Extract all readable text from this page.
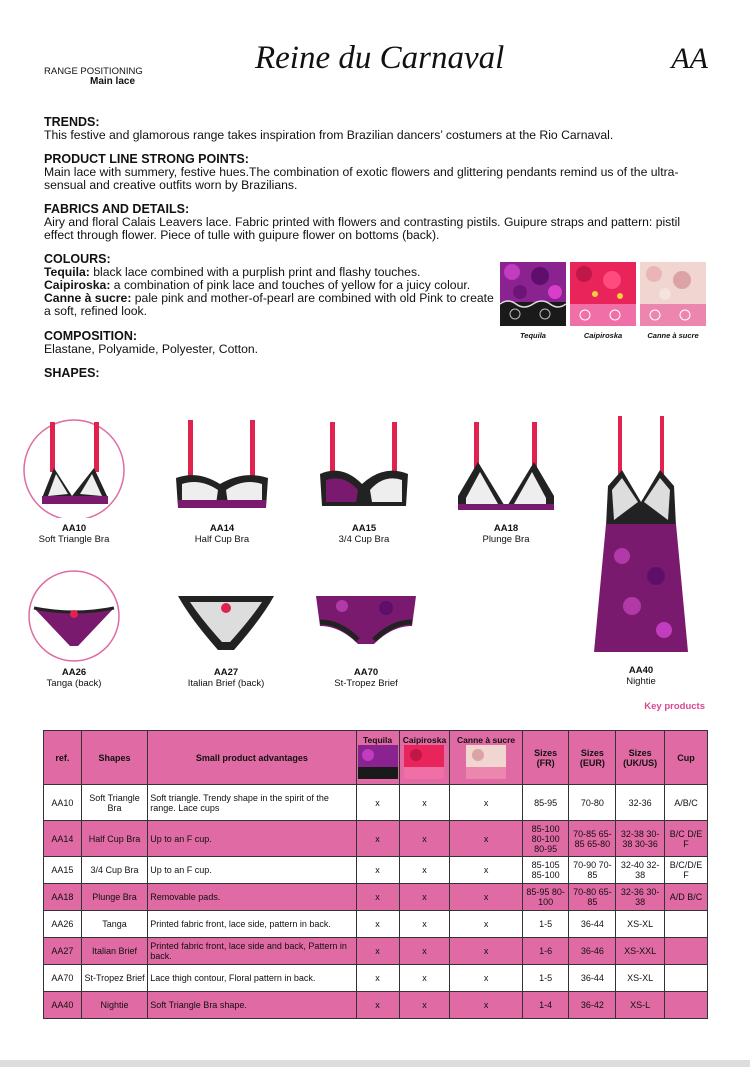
RANGE POSITIONING
Main lace
Reine du Carnaval	AA
TRENDS:

This festive and glamorous range takes inspiration from Brazilian dancers’ costumers at the Rio Carnaval.

PRODUCT LINE STRONG POINTS:

Main lace with summery, festive hues.The combination of exotic flowers and glittering pendants remind us of the ultra-sensual and creative outfits worn by Brazilians.

FABRICS AND DETAILS:

Airy and floral Calais Leavers lace. Fabric printed with flowers and contrasting pistils. Guipure straps and pattern: pistil effect through flower. Piece of tulle with guipure flower on bottoms (back).

COLOURS:

Tequila: black lace combined with a purplish print and flashy touches.

Caipiroska: a combination of pink lace and touches of yellow for a juicy colour.

Canne à sucre: pale pink and mother-of-pearl are combined with old Pink to create a soft, refined look.

COMPOSITION:

Elastane, Polyamide, Polyester, Cotton.

SHAPES:
Tequila	Caipiroska	Canne à sucre
AA10
Soft Triangle Bra
AA14
Half Cup Bra
AA15
3/4 Cup Bra
AA18
Plunge Bra
AA26
Tanga (back)
AA27
Italian Brief (back)
AA70
St-Tropez Brief
AA40
Nightie
Key products
ref.	Shapes	Small product advantages	Tequila	Caipiroska	Canne à sucre	Sizes (FR)	Sizes (EUR)	Sizes (UK/US)	Cup
AA10	Soft Triangle Bra	Soft triangle. Trendy shape in the spirit of the range. Lace cups	x	x	x	85-95	70-80	32-36	A/B/C
AA14	Half Cup Bra	Up to an F cup.	x	x	x	85-100 80-100 80-95	70-85 65-85 65-80	32-38 30-38 30-36	B/C D/E F
AA15	3/4 Cup Bra	Up to an F cup.	x	x	x	85-105 85-100	70-90 70-85	32-40 32-38	B/C/D/E F
AA18	Plunge Bra	Removable pads.	x	x	x	85-95 80-100	70-80 65-85	32-36 30-38	A/D B/C
AA26	Tanga	Printed fabric front, lace side, pattern in back.	x	x	x	1-5	36-44	XS-XL	
AA27	Italian Brief	Printed fabric front, lace side and back, Pattern in back.	x	x	x	1-6	36-46	XS-XXL	
AA70	St-Tropez Brief	Lace thigh contour, Floral pattern in back.	x	x	x	1-5	36-44	XS-XL	
AA40	Nightie	Soft Triangle Bra shape.	x	x	x	1-4	36-42	XS-L	
